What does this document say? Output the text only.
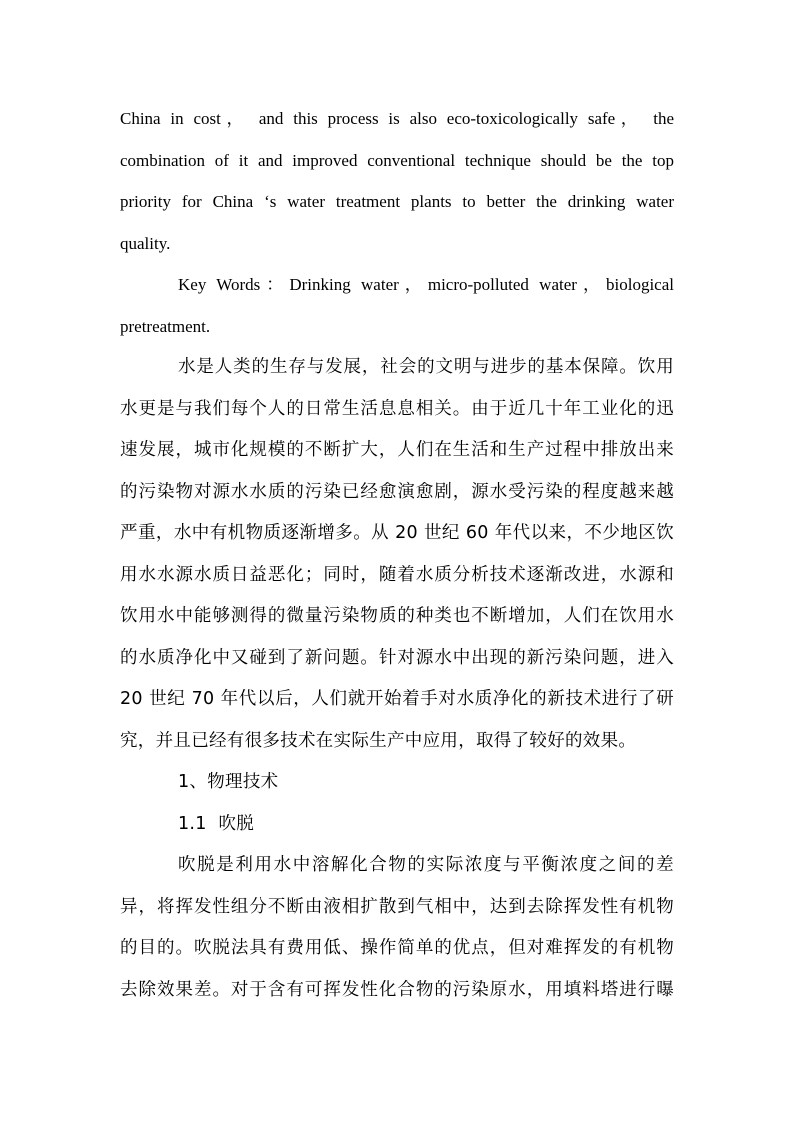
China in cost， and this process is also eco-toxicologically safe， the
combination of it and improved conventional technique should be the top
priority for China ‘s water treatment plants to better the drinking water
quality.
Key Words：Drinking water，micro-polluted water，biological
pretreatment.
水是人类的生存与发展，社会的文明与进步的基本保障。饮用
水更是与我们每个人的日常生活息息相关。由于近几十年工业化的迅
速发展，城市化规模的不断扩大，人们在生活和生产过程中排放出来
的污染物对源水水质的污染已经愈演愈剧，源水受污染的程度越来越
严重，水中有机物质逐渐增多。从 20 世纪 60 年代以来，不少地区饮
用水水源水质日益恶化；同时，随着水质分析技术逐渐改进，水源和
饮用水中能够测得的微量污染物质的种类也不断增加，人们在饮用水
的水质净化中又碰到了新问题。针对源水中出现的新污染问题，进入
20 世纪 70 年代以后，人们就开始着手对水质净化的新技术进行了研
究，并且已经有很多技术在实际生产中应用，取得了较好的效果。
1、物理技术
1.1  吹脱
吹脱是利用水中溶解化合物的实际浓度与平衡浓度之间的差
异，将挥发性组分不断由液相扩散到气相中，达到去除挥发性有机物
的目的。吹脱法具有费用低、操作简单的优点，但对难挥发的有机物
去除效果差。对于含有可挥发性化合物的污染原水，用填料塔进行曝
